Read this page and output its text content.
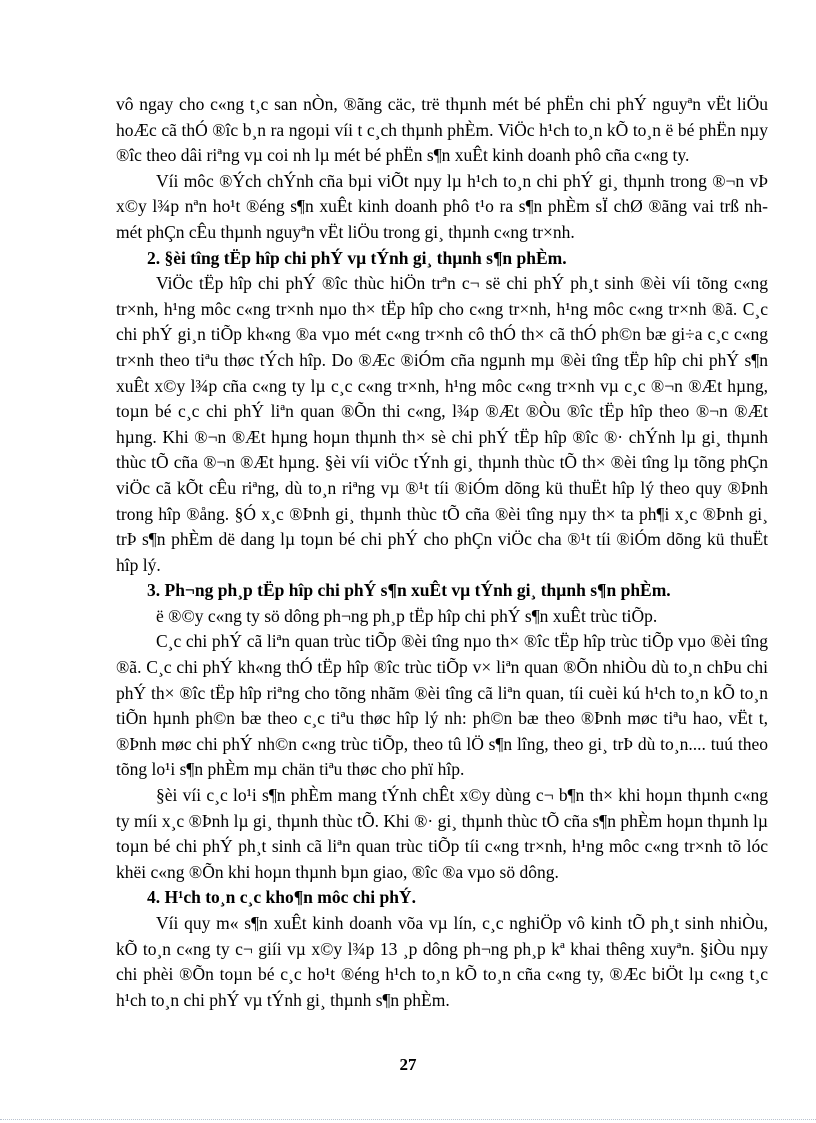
vô ngay cho c«ng t¸c san nÒn, ®ãng cäc, trë thµnh mét bé phËn chi phÝ nguyªn vËt liÖu hoÆc cã thÓ ®îc b¸n ra ngoµi víi t c¸ch thµnh phÈm. ViÖc h¹ch to¸n kÕ to¸n ë bé phËn nµy ®îc theo dâi riªng vµ coi nh lµ mét bé phËn s¶n xuÊt kinh doanh phô cña c«ng ty.

Víi môc ®Ých chÝnh cña bµi viÕt nµy lµ h¹ch to¸n chi phÝ gi¸ thµnh trong ®¬n vÞ x©y l¾p nªn ho¹t ®éng s¶n xuÊt kinh doanh phô t¹o ra s¶n phÈm sÏ chØ ®ãng vai trß nh mét phÇn cÊu thµnh nguyªn vËt liÖu trong gi¸ thµnh c«ng tr×nh.

2. §èi tîng tËp hîp chi phÝ vµ tÝnh gi¸ thµnh s¶n phÈm.

ViÖc tËp hîp chi phÝ ®îc thùc hiÖn trªn c¬ së chi phÝ ph¸t sinh ®èi víi tõng c«ng tr×nh, h¹ng môc c«ng tr×nh nµo th× tËp hîp cho c«ng tr×nh, h¹ng môc c«ng tr×nh ®ã. C¸c chi phÝ gi¸n tiÕp kh«ng ®a vµo mét c«ng tr×nh cô thÓ th× cã thÓ ph©n bæ gi÷a c¸c c«ng tr×nh theo tiªu thøc tÝch hîp. Do ®Æc ®iÓm cña ngµnh mµ ®èi tîng tËp hîp chi phÝ s¶n xuÊt x©y l¾p cña c«ng ty lµ c¸c c«ng tr×nh, h¹ng môc c«ng tr×nh vµ c¸c ®¬n ®Æt hµng, toµn bé c¸c chi phÝ liªn quan ®Õn thi c«ng, l¾p ®Æt ®Òu ®îc tËp hîp theo ®¬n ®Æt hµng. Khi ®¬n ®Æt hµng hoµn thµnh th× sè chi phÝ tËp hîp ®îc ®· chÝnh lµ gi¸ thµnh thùc tÕ cña ®¬n ®Æt hµng. §èi víi viÖc tÝnh gi¸ thµnh thùc tÕ th× ®èi tîng lµ tõng phÇn viÖc cã kÕt cÊu riªng, dù to¸n riªng vµ ®¹t tíi ®iÓm dõng kü thuËt hîp lý theo quy ®Þnh trong hîp ®ång. §Ó x¸c ®Þnh gi¸ thµnh thùc tÕ cña ®èi tîng nµy th× ta ph¶i x¸c ®Þnh gi¸ trÞ s¶n phÈm dë dang lµ toµn bé chi phÝ cho phÇn viÖc cha ®¹t tíi ®iÓm dõng kü thuËt hîp lý.

3. Ph¬ng ph¸p tËp hîp chi phÝ s¶n xuÊt vµ tÝnh gi¸ thµnh s¶n phÈm.

ë ®©y c«ng ty sö dông ph¬ng ph¸p tËp hîp chi phÝ s¶n xuÊt trùc tiÕp.

C¸c chi phÝ cã liªn quan trùc tiÕp ®èi tîng nµo th× ®îc tËp hîp trùc tiÕp vµo ®èi tîng ®ã. C¸c chi phÝ kh«ng thÓ tËp hîp ®îc trùc tiÕp v× liªn quan ®Õn nhiÒu dù to¸n chÞu chi phÝ th× ®îc tËp hîp riªng cho tõng nhãm ®èi tîng cã liªn quan, tíi cuèi kú h¹ch to¸n kÕ to¸n tiÕn hµnh ph©n bæ theo c¸c tiªu thøc hîp lý nh: ph©n bæ theo ®Þnh møc tiªu hao, vËt t, ®Þnh møc chi phÝ nh©n c«ng trùc tiÕp, theo tû lÖ s¶n lîng, theo gi¸ trÞ dù to¸n.... tuú theo tõng lo¹i s¶n phÈm mµ chän tiªu thøc cho phï hîp.

§èi víi c¸c lo¹i s¶n phÈm mang tÝnh chÊt x©y dùng c¬ b¶n th× khi hoµn thµnh c«ng ty míi x¸c ®Þnh lµ gi¸ thµnh thùc tÕ. Khi ®· gi¸ thµnh thùc tÕ cña s¶n phÈm hoµn thµnh lµ toµn bé chi phÝ ph¸t sinh cã liªn quan trùc tiÕp tíi c«ng tr×nh, h¹ng môc c«ng tr×nh tõ lóc khëi c«ng ®Õn khi hoµn thµnh bµn giao, ®îc ®a vµo sö dông.

4. H¹ch to¸n c¸c kho¶n môc chi phÝ.

Víi quy m« s¶n xuÊt kinh doanh võa vµ lín, c¸c nghiÖp vô kinh tÕ ph¸t sinh nhiÒu, kÕ to¸n c«ng ty c¬ giíi vµ x©y l¾p 13 ¸p dông ph¬ng ph¸p kª khai thêng xuyªn. §iÒu nµy chi phèi ®Õn toµn bé c¸c ho¹t ®éng h¹ch to¸n kÕ to¸n cña c«ng ty, ®Æc biÖt lµ c«ng t¸c h¹ch to¸n chi phÝ vµ tÝnh gi¸ thµnh s¶n phÈm.

27
